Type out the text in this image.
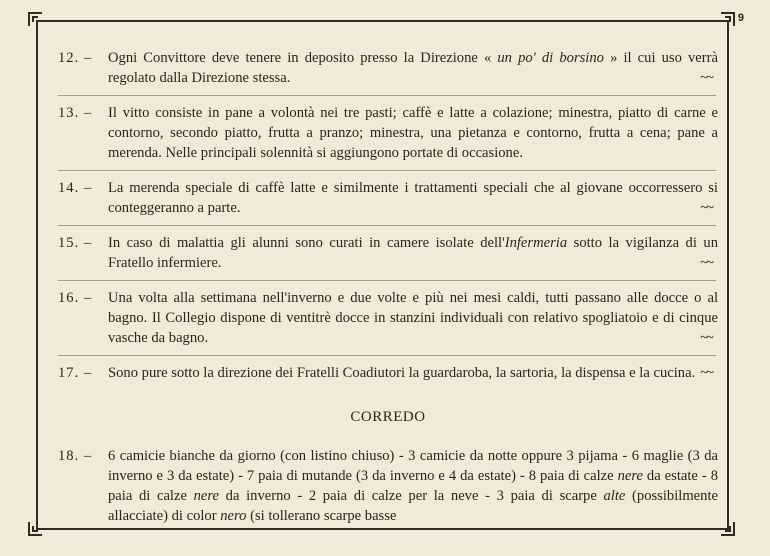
9
12. –	Ogni Convittore deve tenere in deposito presso la Direzione « un po' di borsino » il cui uso verrà regolato dalla Direzione stessa.	~~
13. –	Il vitto consiste in pane a volontà nei tre pasti; caffè e latte a colazione; minestra, piatto di carne e contorno, secondo piatto, frutta a pranzo; minestra, una pietanza e contorno, frutta a cena; pane a merenda. Nelle principali solennità si aggiungono portate di occasione.
14. –	La merenda speciale di caffè latte e similmente i trattamenti speciali che al giovane occorressero si conteggeranno a parte.	~~
15. –	In caso di malattia gli alunni sono curati in camere isolate dell'Infermeria sotto la vigilanza di un Fratello infermiere.	~~
16. –	Una volta alla settimana nell'inverno e due volte e più nei mesi caldi, tutti passano alle docce o al bagno. Il Collegio dispone di ventitrè docce in stanzini individuali con relativo spogliatoio e di cinque vasche da bagno.	~~
17. –	Sono pure sotto la direzione dei Fratelli Coadiutori la guardaroba, la sartoria, la dispensa e la cucina. ~~
CORREDO
18. –	6 camicie bianche da giorno (con listino chiuso) - 3 camicie da notte oppure 3 pijama - 6 maglie (3 da inverno e 3 da estate) - 7 paia di mutande (3 da inverno e 4 da estate) - 8 paia di calze nere da estate - 8 paia di calze nere da inverno - 2 paia di calze per la neve - 3 paia di scarpe alte (possibilmente allacciate) di color nero (si tollerano scarpe basse
